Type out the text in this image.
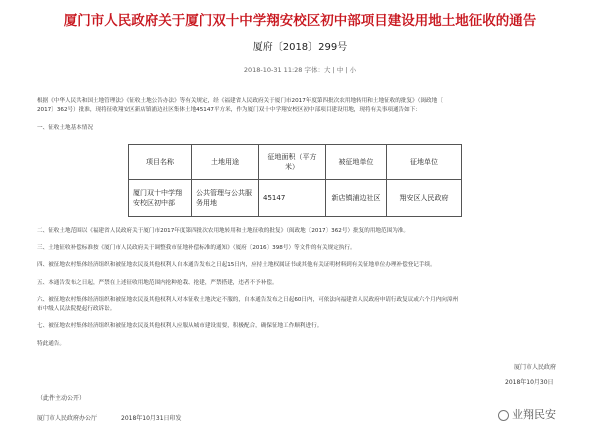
厦门市人民政府关于厦门双十中学翔安校区初中部项目建设用地土地征收的通告
厦府〔2018〕299号
2018-10-31 11:28 字体：大 | 中 | 小

根据《中华人民共和国土地管理法》《征收土地公告办法》等有关规定，经《福建省人民政府关于厦门市2017年度第四批次农用地转用和土地征收的批复》（闽政地〔

2017〕362号）批准，现将征收翔安区新店镇浦边社区集体土地45147平方米，作为厦门双十中学翔安校区初中部项目建设用地，现将有关事项通告如下：

一、征收土地基本情况

项目名称	土地用途	征地面积（平方米）	被征地单位	征地单位
厦门双十中学翔安校区初中部	公共管理与公共服务用地	45147	新店镇浦边社区	翔安区人民政府

二、征收土地范围以《福建省人民政府关于厦门市2017年度第四批次农用地转用和土地征收的批复》（闽政地〔2017〕362号）批复的用地范围为准。

三、土地征收补偿标准按《厦门市人民政府关于调整我市征地补偿标准的通知》（厦府〔2016〕398号）等文件的有关规定执行。

四、被征地农村集体经济组织和被征地农民及其他权利人自本通告发布之日起15日内，应持土地权属证书或其他有关证明材料到有关征地单位办理补偿登记手续。

五、本通告发布之日起，严禁在上述征收用地范围内抢种抢栽、抢建，严禁搭建，违者不予补偿。

六、被征地农村集体经济组织和被征地农民及其他权利人对本征收土地决定不服的，自本通告发布之日起60日内，可依法向福建省人民政府申请行政复议或六个月内向漳州

市中级人民法院提起行政诉讼。

七、被征地农村集体经济组织和被征地农民及其他权利人应服从城市建设需要，积极配合，确保征地工作顺利进行。

特此通告。

厦门市人民政府
2018年10月30日
（此件主动公开）
厦门市人民政府办公厅	2018年10月31日印发	业翔民安
